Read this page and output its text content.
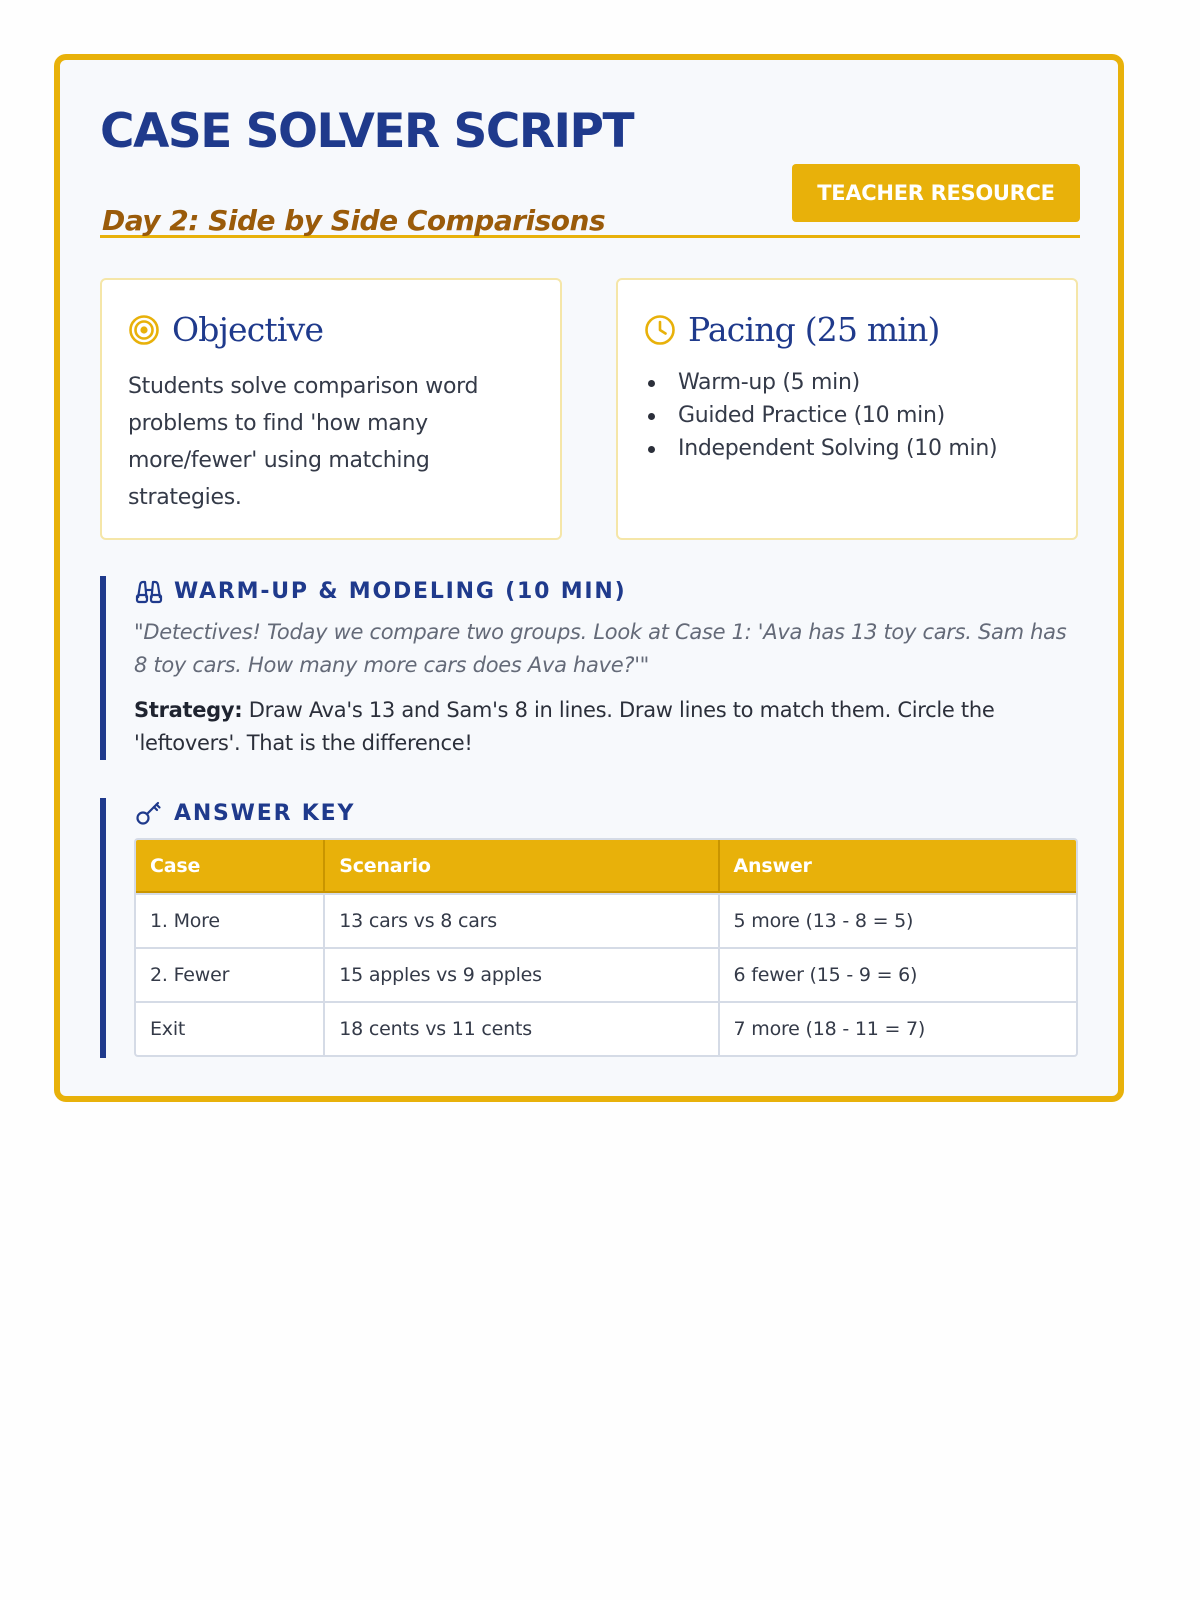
CASE SOLVER SCRIPT
Day 2: Side by Side Comparisons
TEACHER RESOURCE
Objective
Students solve comparison word problems to find 'how many more/fewer' using matching strategies.
Pacing (25 min)
Warm-up (5 min)
Guided Practice (10 min)
Independent Solving (10 min)
WARM-UP & MODELING (10 MIN)
"Detectives! Today we compare two groups. Look at Case 1: 'Ava has 13 toy cars. Sam has 8 toy cars. How many more cars does Ava have?'"
Strategy: Draw Ava's 13 and Sam's 8 in lines. Draw lines to match them. Circle the 'leftovers'. That is the difference!
ANSWER KEY
Case	Scenario	Answer
1. More	13 cars vs 8 cars	5 more (13 - 8 = 5)
2. Fewer	15 apples vs 9 apples	6 fewer (15 - 9 = 6)
Exit	18 cents vs 11 cents	7 more (18 - 11 = 7)
